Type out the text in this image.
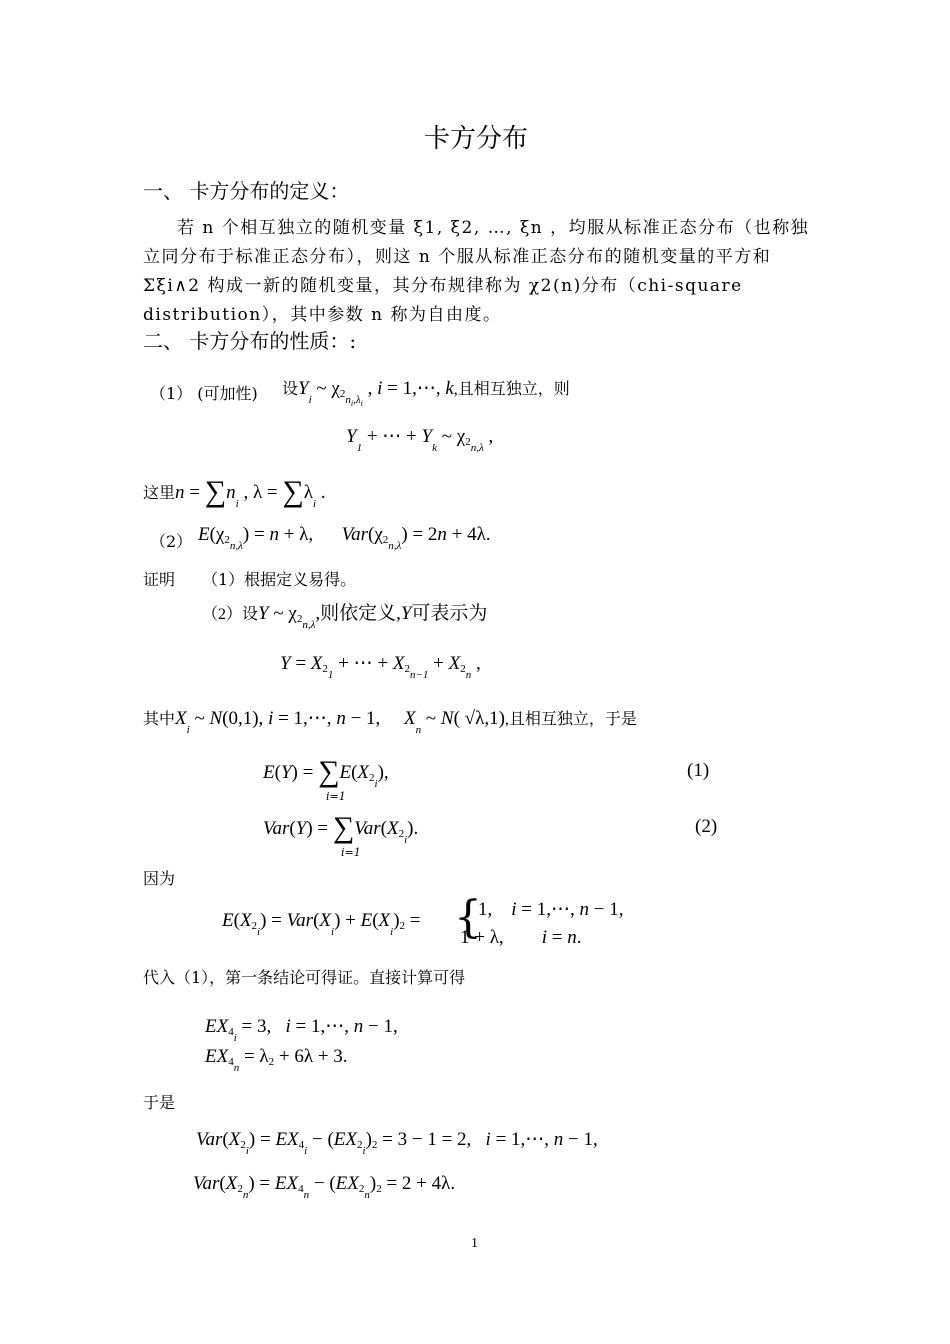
卡方分布
一、 卡方分布的定义：
若 n 个相互独立的随机变量 ξ1, ξ2, …, ξn ，均服从标准正态分布（也称独立同分布于标准正态分布），则这 n 个服从标准正态分布的随机变量的平方和Σξi∧2 构成一新的随机变量，其分布规律称为 χ2(n)分布（chi-square distribution），其中参数 n 称为自由度。
二、 卡方分布的性质：:
（1） (可加性) 设$Y_i$ ~ $\chi 2_{n_i,\lambda_i}$ , i = 1,⋯, k,且相互独立，则
$Y_1$ + ⋯ + $Y_k$ ~ $\chi 2_{n,\lambda}$ ,
这里$n = \sum n_i$ , $\lambda = \sum\lambda_i$ .
（2） $E(\chi 2_{n,\lambda}) = n + \lambda$,      $Var(\chi 2_{n,\lambda}) = 2n + 4\lambda$.
证明 （1）根据定义易得。
（2）设Y ~ $\chi 2_{n,\lambda}$,则依定义,Y可表示为
$Y = X2_1$ + ⋯ + $X2_{n-1} + X2_n$ ,
其中$X_i$ ~ N(0,1), i = 1,⋯, n − 1,     $X_n$ ~ N( √λ,1),且相互独立，于是
$E(Y) = \sum E(X2_i)$,
i=1
(1)
$Var(Y) = \sum Var(X2_i)$.
i=1
(2)
因为
$E(X2_i) = Var(X_i) + E(X_i)2$ = {
1,    i = 1,⋯, n − 1,
1 + λ,        i = n.
代入（1），第一条结论可得证。直接计算可得
$EX4_i = 3$,   i = 1,⋯, n − 1,
$EX4_n = \lambda 2 + 6\lambda + 3$.
于是
$Var(X2_i) = EX4_i - (EX2_i)2 = 3 - 1 = 2$,   i = 1,⋯, n − 1,
$Var(X2_n) = EX4_n - (EX2_n)2 = 2 + 4\lambda$.
1
